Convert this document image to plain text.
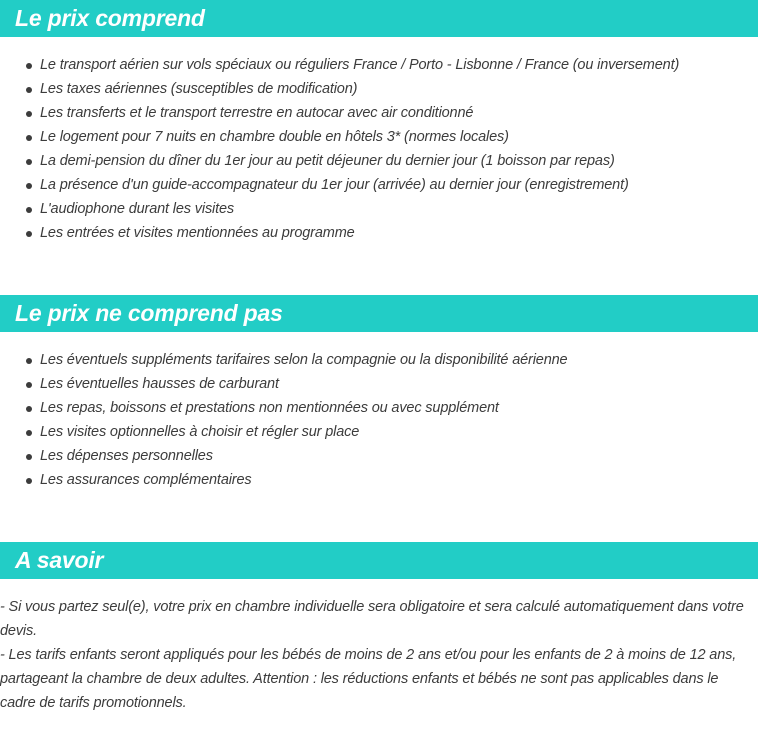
Le prix comprend
Le transport aérien sur vols spéciaux ou réguliers France / Porto - Lisbonne / France (ou inversement)
Les taxes aériennes (susceptibles de modification)
Les transferts et le transport terrestre en autocar avec air conditionné
Le logement pour 7 nuits en chambre double en hôtels 3* (normes locales)
La demi-pension du dîner du 1er jour au petit déjeuner du dernier jour (1 boisson par repas)
La présence d'un guide-accompagnateur du 1er jour (arrivée) au dernier jour (enregistrement)
L'audiophone durant les visites
Les entrées et visites mentionnées au programme
Le prix ne comprend pas
Les éventuels suppléments tarifaires selon la compagnie ou la disponibilité aérienne
Les éventuelles hausses de carburant
Les repas, boissons et prestations non mentionnées ou avec supplément
Les visites optionnelles à choisir et régler sur place
Les dépenses personnelles
Les assurances complémentaires
A savoir

- Si vous partez seul(e), votre prix en chambre individuelle sera obligatoire et sera calculé automatiquement dans votre devis.

- Les tarifs enfants seront appliqués pour les bébés de moins de 2 ans et/ou pour les enfants de 2 à moins de 12 ans, partageant la chambre de deux adultes. Attention : les réductions enfants et bébés ne sont pas applicables dans le cadre de tarifs promotionnels.
